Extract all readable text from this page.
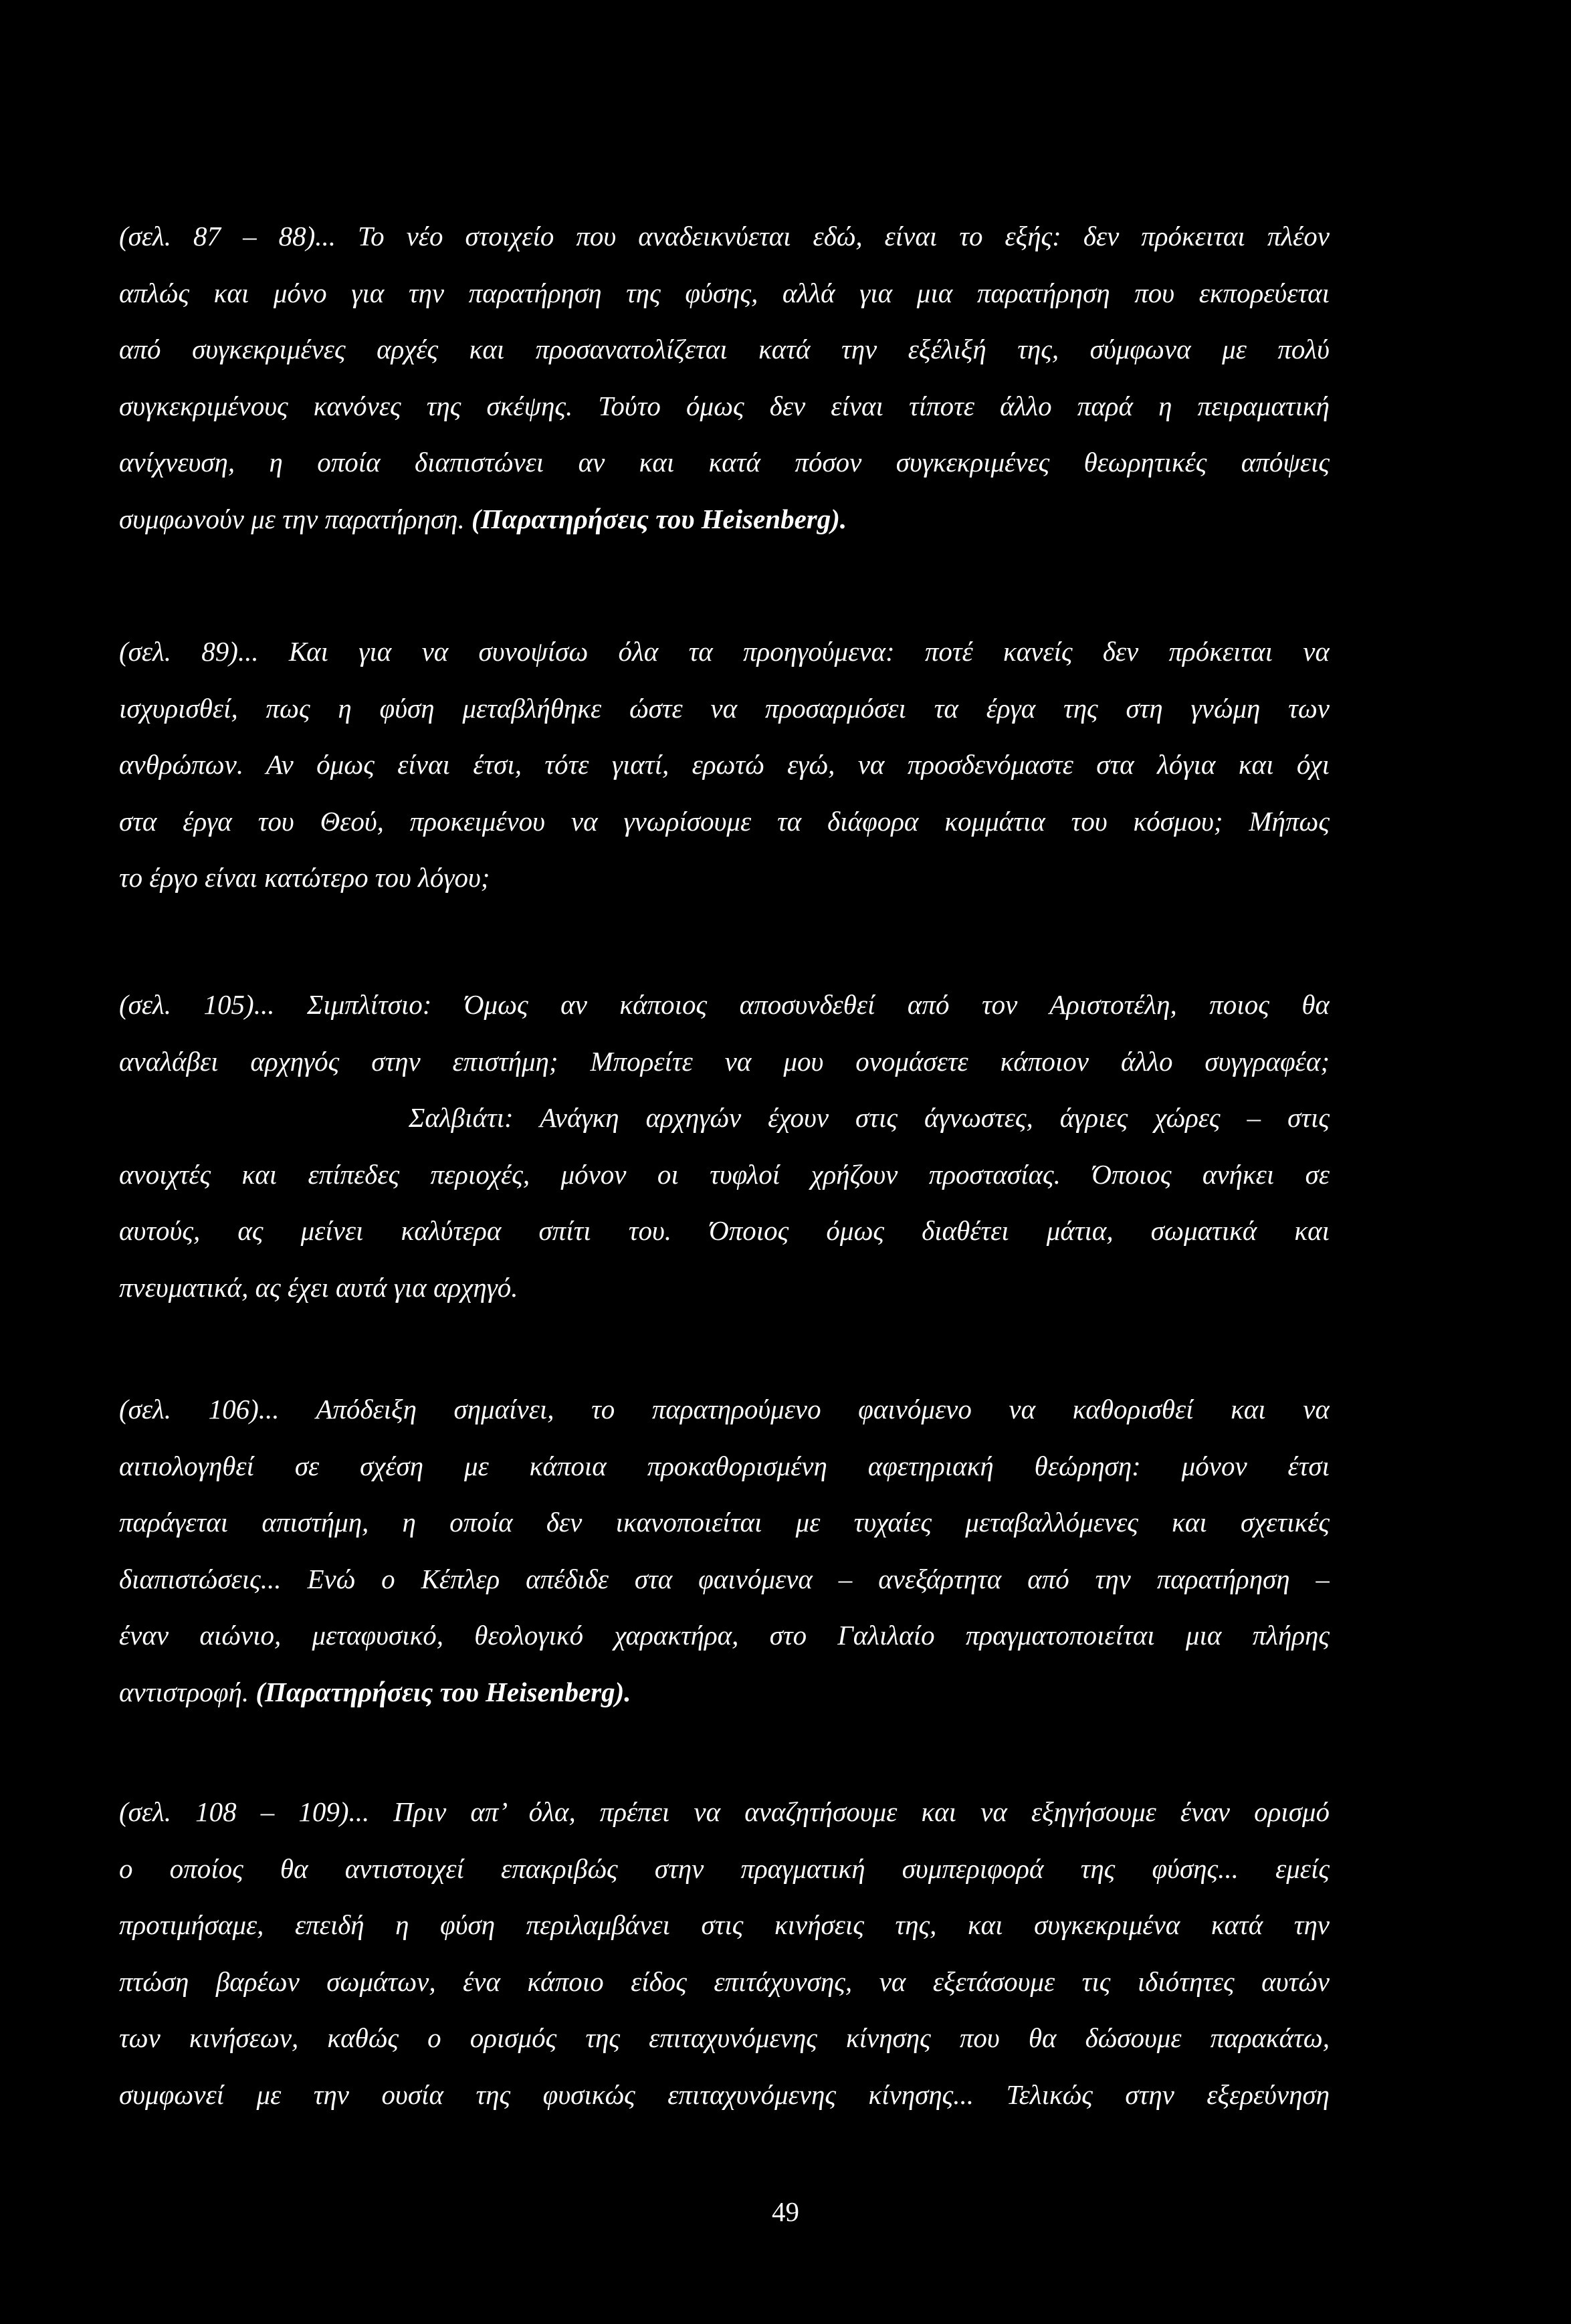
(σελ. 87 – 88)... Το νέο στοιχείο που αναδεικνύεται εδώ, είναι το εξής: δεν πρόκειται πλέον
απλώς και μόνο για την παρατήρηση της φύσης, αλλά για μια παρατήρηση που εκπορεύεται
από συγκεκριμένες αρχές και προσανατολίζεται κατά την εξέλιξή της, σύμφωνα με πολύ
συγκεκριμένους κανόνες της σκέψης. Τούτο όμως δεν είναι τίποτε άλλο παρά η πειραματική
ανίχνευση, η οποία διαπιστώνει αν και κατά πόσον συγκεκριμένες θεωρητικές απόψεις
συμφωνούν με την παρατήρηση. (Παρατηρήσεις του Heisenberg).
(σελ. 89)... Και για να συνοψίσω όλα τα προηγούμενα: ποτέ κανείς δεν πρόκειται να
ισχυρισθεί, πως η φύση μεταβλήθηκε ώστε να προσαρμόσει τα έργα της στη γνώμη των
ανθρώπων. Αν όμως είναι έτσι, τότε γιατί, ερωτώ εγώ, να προσδενόμαστε στα λόγια και όχι
στα έργα του Θεού, προκειμένου να γνωρίσουμε τα διάφορα κομμάτια του κόσμου; Μήπως
το έργο είναι κατώτερο του λόγου;
(σελ. 105)... Σιμπλίτσιο: Όμως αν κάποιος αποσυνδεθεί από τον Αριστοτέλη, ποιος θα
αναλάβει αρχηγός στην επιστήμη; Μπορείτε να μου ονομάσετε κάποιον άλλο συγγραφέα;
Σαλβιάτι: Ανάγκη αρχηγών έχουν στις άγνωστες, άγριες χώρες – στις
ανοιχτές και επίπεδες περιοχές, μόνον οι τυφλοί χρήζουν προστασίας. Όποιος ανήκει σε
αυτούς, ας μείνει καλύτερα σπίτι του. Όποιος όμως διαθέτει μάτια, σωματικά και
πνευματικά, ας έχει αυτά για αρχηγό.
(σελ. 106)... Απόδειξη σημαίνει, το παρατηρούμενο φαινόμενο να καθορισθεί και να
αιτιολογηθεί σε σχέση με κάποια προκαθορισμένη αφετηριακή θεώρηση: μόνον έτσι
παράγεται απιστήμη, η οποία δεν ικανοποιείται με τυχαίες μεταβαλλόμενες και σχετικές
διαπιστώσεις... Ενώ ο Κέπλερ απέδιδε στα φαινόμενα – ανεξάρτητα από την παρατήρηση –
έναν αιώνιο, μεταφυσικό, θεολογικό χαρακτήρα, στο Γαλιλαίο πραγματοποιείται μια πλήρης
αντιστροφή. (Παρατηρήσεις του Heisenberg).
(σελ. 108 – 109)... Πριν απ’ όλα, πρέπει να αναζητήσουμε και να εξηγήσουμε έναν ορισμό
ο οποίος θα αντιστοιχεί επακριβώς στην πραγματική συμπεριφορά της φύσης... εμείς
προτιμήσαμε, επειδή η φύση περιλαμβάνει στις κινήσεις της, και συγκεκριμένα κατά την
πτώση βαρέων σωμάτων, ένα κάποιο είδος επιτάχυνσης, να εξετάσουμε τις ιδιότητες αυτών
των κινήσεων, καθώς ο ορισμός της επιταχυνόμενης κίνησης που θα δώσουμε παρακάτω,
συμφωνεί με την ουσία της φυσικώς επιταχυνόμενης κίνησης... Τελικώς στην εξερεύνηση
49
